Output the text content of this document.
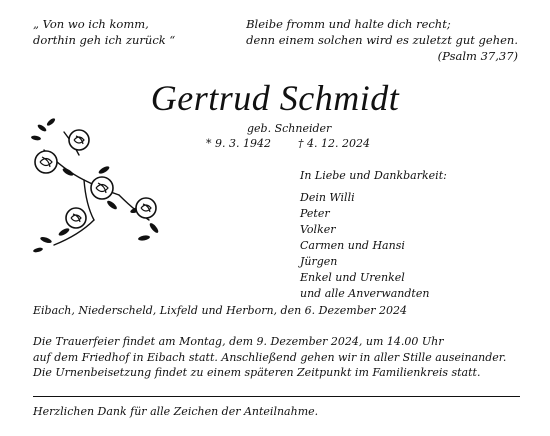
„ Von wo ich komm,
dorthin geh ich zurück “
Bleibe fromm und halte dich recht;
denn einem solchen wird es zuletzt gut gehen.
(Psalm 37,37)
Gertrud Schmidt
geb. Schneider
* 9. 3. 1942 † 4. 12. 2024
In Liebe und Dankbarkeit:
Dein Willi
Peter
Volker
Carmen und Hansi
Jürgen
Enkel und Urenkel
und alle Anverwandten
Eibach, Niederscheld, Lixfeld und Herborn, den 6. Dezember 2024
Die Trauerfeier findet am Montag, dem 9. Dezember 2024, um 14.00 Uhr
auf dem Friedhof in Eibach statt. Anschließend gehen wir in aller Stille auseinander.
Die Urnenbeisetzung findet zu einem späteren Zeitpunkt im Familienkreis statt.
Herzlichen Dank für alle Zeichen der Anteilnahme.
